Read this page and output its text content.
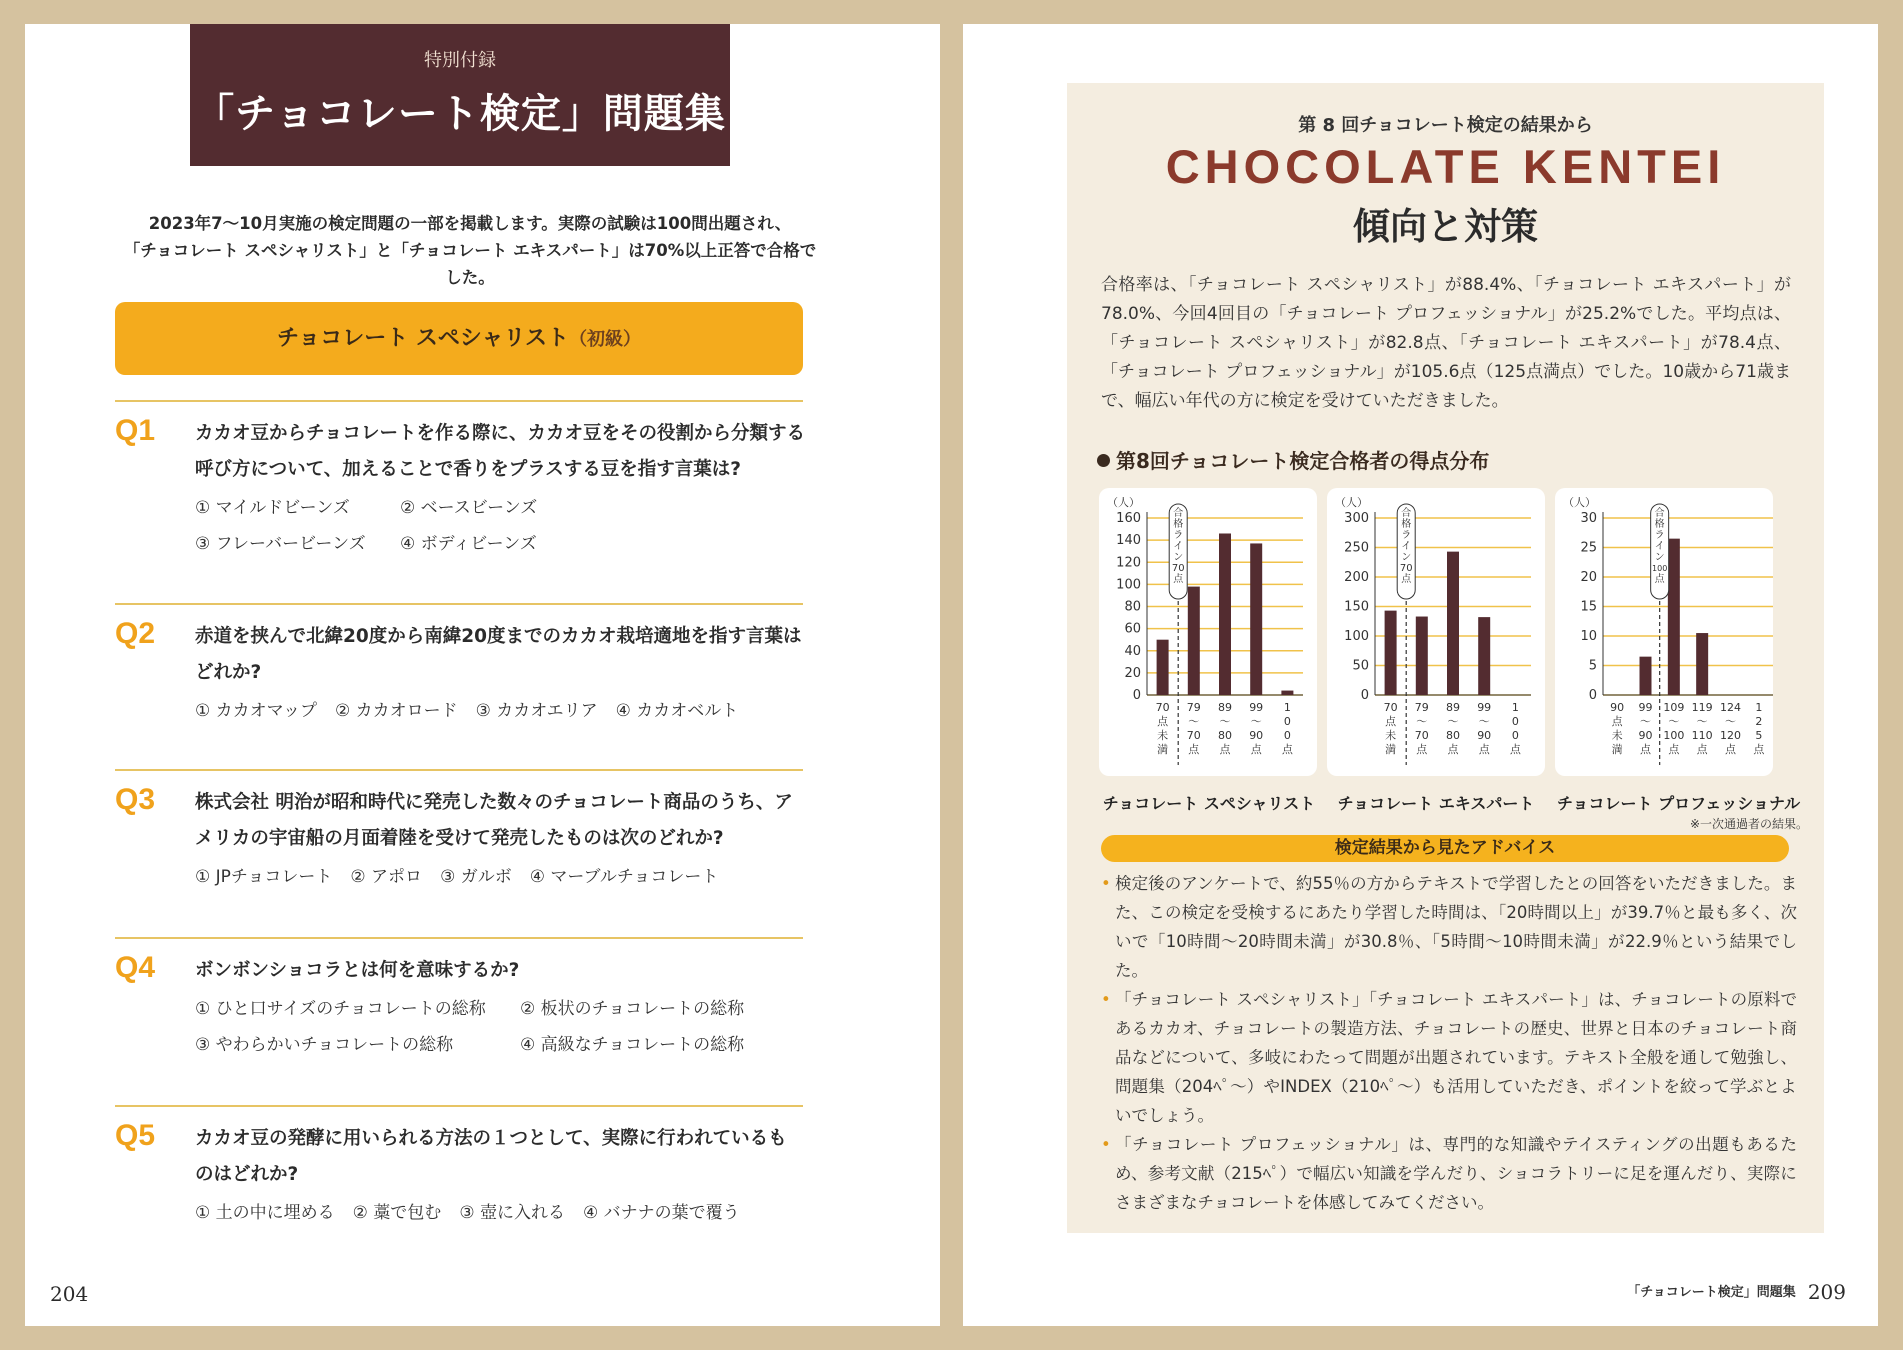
特別付録
「チョコレート検定」問題集
2023年7〜10月実施の検定問題の一部を掲載します。実際の試験は100問出題され、
「チョコレート スペシャリスト」と「チョコレート エキスパート」は70%以上正答で合格でした。
チョコレート スペシャリスト（初級）
Q1 カカオ豆からチョコレートを作る際に、カカオ豆をその役割から分類する呼び方について、加えることで香りをプラスする豆を指す言葉は?
① マイルドビーンズ	② ベースビーンズ
③ フレーバービーンズ ④ ボディビーンズ
Q2 赤道を挟んで北緯20度から南緯20度までのカカオ栽培適地を指す言葉はどれか?
① カカオマップ ② カカオロード ③ カカオエリア ④ カカオベルト
Q3 株式会社 明治が昭和時代に発売した数々のチョコレート商品のうち、アメリカの宇宙船の月面着陸を受けて発売したものは次のどれか?
① JPチョコレート ② アポロ ③ ガルボ ④ マーブルチョコレート
Q4 ボンボンショコラとは何を意味するか?
① ひと口サイズのチョコレートの総称 ② 板状のチョコレートの総称
③ やわらかいチョコレートの総称	④ 高級なチョコレートの総称
Q5 カカオ豆の発酵に用いられる方法の１つとして、実際に行われているものはどれか?
① 土の中に埋める ② 藁で包む ③ 壺に入れる ④ バナナの葉で覆う
204
第 8 回チョコレート検定の結果から
CHOCOLATE KENTEI
傾向と対策
合格率は、「チョコレート スペシャリスト」が88.4%、「チョコレート エキスパート」が78.0%、今回4回目の「チョコレート プロフェッショナル」が25.2%でした。平均点は、「チョコレート スペシャリスト」が82.8点、「チョコレート エキスパート」が78.4点、「チョコレート プロフェッショナル」が105.6点（125点満点）でした。10歳から71歳まで、幅広い年代の方に検定を受けていただきました。
第8回チョコレート検定合格者の得点分布
（人）
0
20
40
60
80
100
120
140
160
70 点未満
79 〜 70 点
89 〜 80 点
99 〜 90 点
1 0 0 点
合格ライン 70 点
（人）
0
50
100
150
200
250
300
70 点未満
79 〜 70 点
89 〜 80 点
99 〜 90 点
1 0 0 点
合格ライン 70 点
（人）
0
5
10
15
20
25
30
90 点未満
99 〜 90 点
109 〜 100 点
119 〜 110 点
124 〜 120 点
1 2 5 点
合格ライン 100 点
チョコレート スペシャリスト	チョコレート エキスパート	チョコレート プロフェッショナル
※一次通過者の結果。
検定結果から見たアドバイス
• 検定後のアンケートで、約55％の方からテキストで学習したとの回答をいただきました。また、この検定を受検するにあたり学習した時間は、「20時間以上」が39.7％と最も多く、次いで「10時間〜20時間未満」が30.8％、「5時間〜10時間未満」が22.9％という結果でした。
• 「チョコレート スペシャリスト」「チョコレート エキスパート」は、チョコレートの原料であるカカオ、チョコレートの製造方法、チョコレートの歴史、世界と日本のチョコレート商品などについて、多岐にわたって問題が出題されています。テキスト全般を通して勉強し、問題集（204ﾍﾟ〜）やINDEX（210ﾍﾟ〜）も活用していただき、ポイントを絞って学ぶとよいでしょう。
• 「チョコレート プロフェッショナル」は、専門的な知識やテイスティングの出題もあるため、参考文献（215ﾍﾟ）で幅広い知識を学んだり、ショコラトリーに足を運んだり、実際にさまざまなチョコレートを体感してみてください。
「チョコレート検定」問題集 209
